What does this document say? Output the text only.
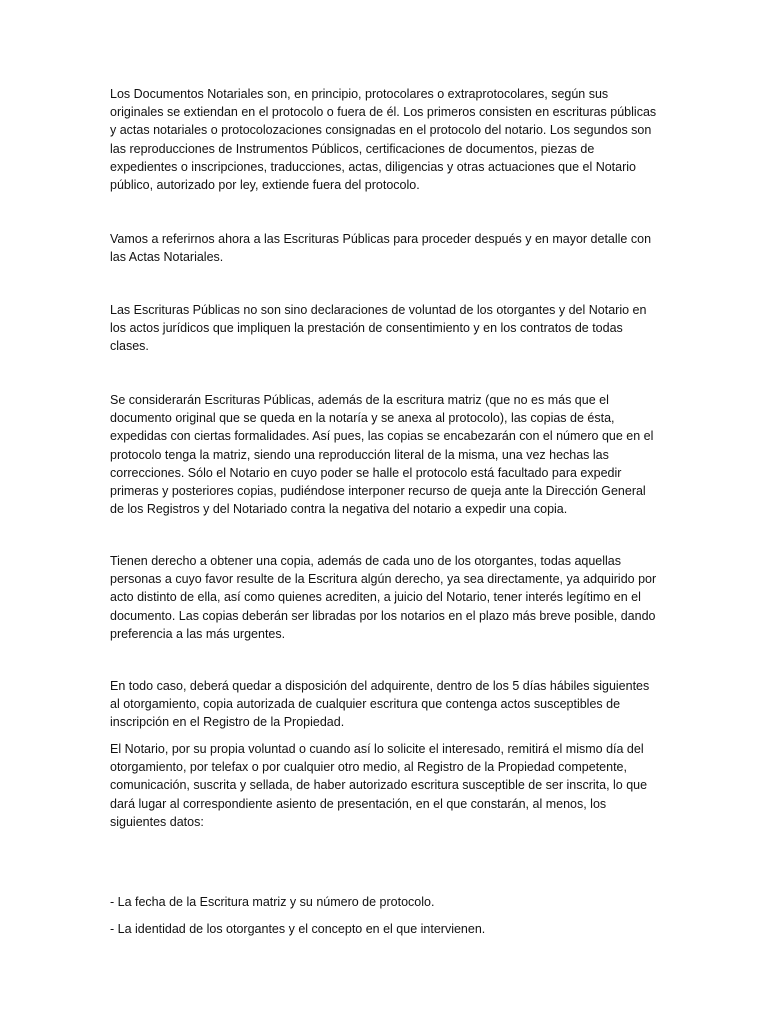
Los Documentos Notariales son, en principio, protocolares o extraprotocolares, según sus originales se extiendan en el protocolo o fuera de él. Los primeros consisten en escrituras públicas y actas notariales o protocolozaciones consignadas en el protocolo del notario. Los segundos son las reproducciones de Instrumentos Públicos, certificaciones de documentos, piezas de expedientes o inscripciones, traducciones, actas, diligencias y otras actuaciones que el Notario público, autorizado por ley, extiende fuera del protocolo.

Vamos a referirnos ahora a las Escrituras Públicas para proceder después y en mayor detalle con las Actas Notariales.

Las Escrituras Públicas no son sino declaraciones de voluntad de los otorgantes y del Notario en los actos jurídicos que impliquen la prestación de consentimiento y en los contratos de todas clases.

Se considerarán Escrituras Públicas, además de la escritura matriz (que no es más que el documento original que se queda en la notaría y se anexa al protocolo), las copias de ésta, expedidas con ciertas formalidades. Así pues, las copias se encabezarán con el número que en el protocolo tenga la matriz, siendo una reproducción literal de la misma, una vez hechas las correcciones. Sólo el Notario en cuyo poder se halle el protocolo está facultado para expedir primeras y posteriores copias, pudiéndose interponer recurso de queja ante la Dirección General de los Registros y del Notariado contra la negativa del notario a expedir una copia.

Tienen derecho a obtener una copia, además de cada uno de los otorgantes, todas aquellas personas a cuyo favor resulte de la Escritura algún derecho, ya sea directamente, ya adquirido por acto distinto de ella, así como quienes acrediten, a juicio del Notario, tener interés legítimo en el documento. Las copias deberán ser libradas por los notarios en el plazo más breve posible, dando preferencia a las más urgentes.

En todo caso, deberá quedar a disposición del adquirente, dentro de los 5 días hábiles siguientes al otorgamiento, copia autorizada de cualquier escritura que contenga actos susceptibles de inscripción en el Registro de la Propiedad.

El Notario, por su propia voluntad o cuando así lo solicite el interesado, remitirá el mismo día del otorgamiento, por telefax o por cualquier otro medio, al Registro de la Propiedad competente, comunicación, suscrita y sellada, de haber autorizado escritura susceptible de ser inscrita, lo que dará lugar al correspondiente asiento de presentación, en el que constarán, al menos, los siguientes datos:

- La fecha de la Escritura matriz y su número de protocolo.

- La identidad de los otorgantes y el concepto en el que intervienen.
